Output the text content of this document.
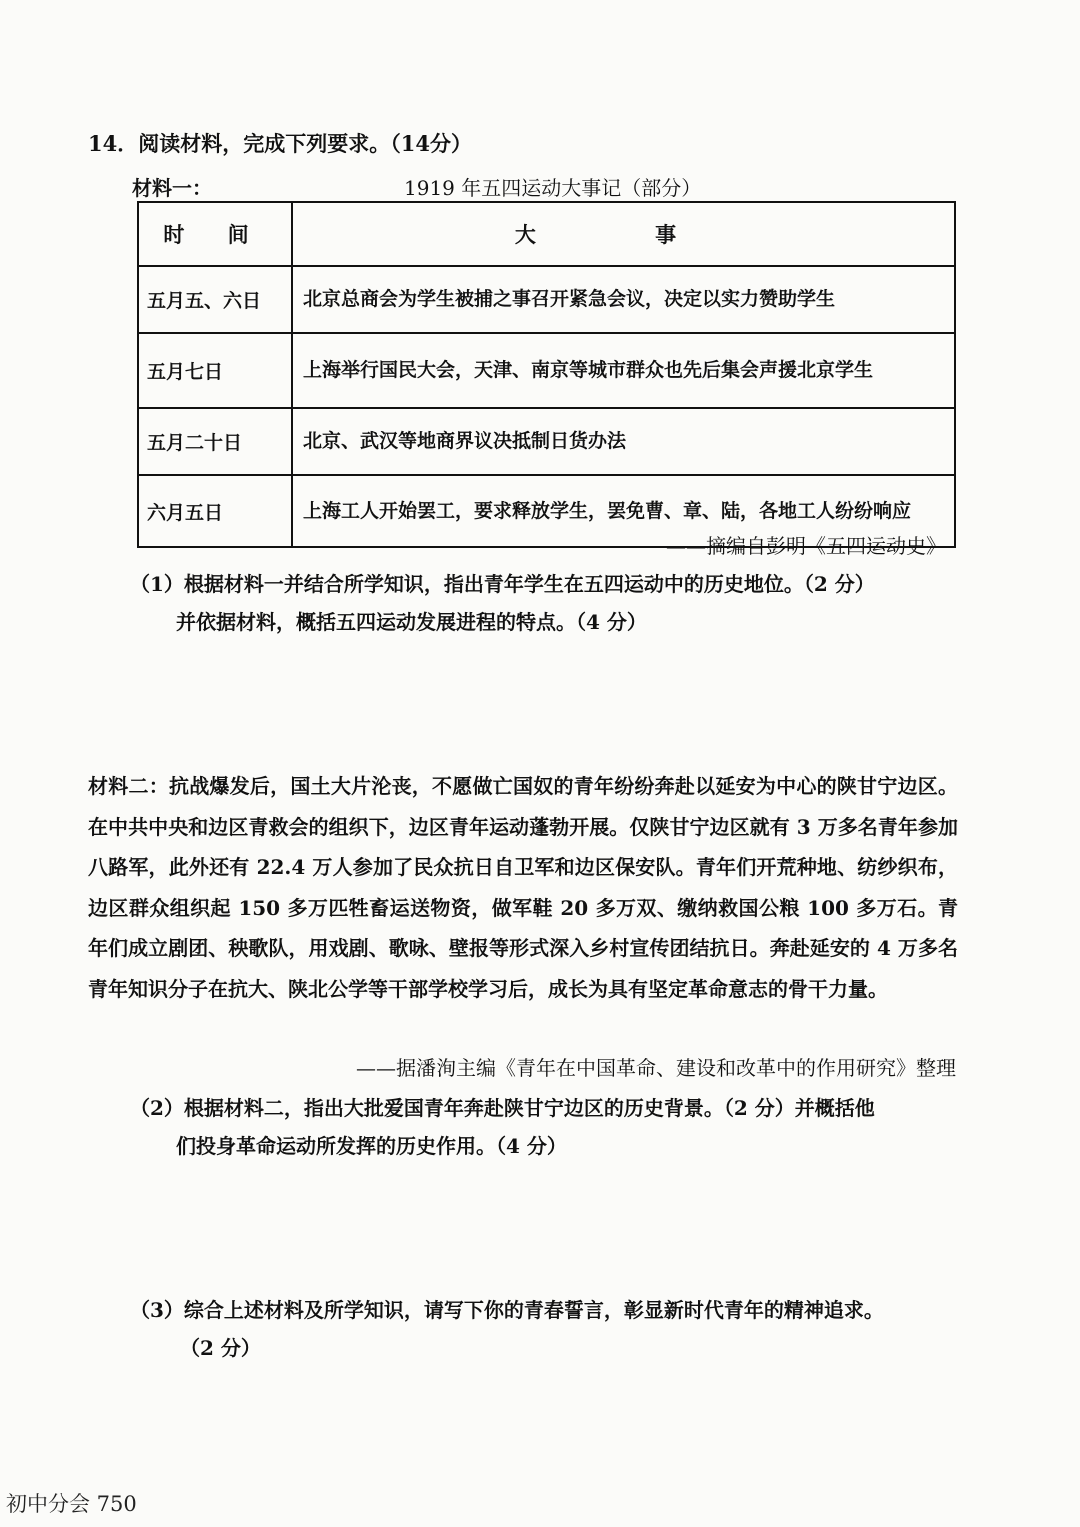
14．阅读材料，完成下列要求。（14分）
材料一：	1919 年五四运动大事记（部分）
时 间	大 事
五月五、六日	北京总商会为学生被捕之事召开紧急会议，决定以实力赞助学生
五月七日	上海举行国民大会，天津、南京等城市群众也先后集会声援北京学生
五月二十日	北京、武汉等地商界议决抵制日货办法
六月五日	上海工人开始罢工，要求释放学生，罢免曹、章、陆，各地工人纷纷响应
——摘编自彭明《五四运动史》
（1）根据材料一并结合所学知识，指出青年学生在五四运动中的历史地位。（2 分）
并依据材料，概括五四运动发展进程的特点。（4 分）
材料二：抗战爆发后，国土大片沦丧，不愿做亡国奴的青年纷纷奔赴以延安为中心的陕甘宁边区。在中共中央和边区青救会的组织下，边区青年运动蓬勃开展。仅陕甘宁边区就有 3 万多名青年参加八路军，此外还有 22.4 万人参加了民众抗日自卫军和边区保安队。青年们开荒种地、纺纱织布，边区群众组织起 150 多万匹牲畜运送物资，做军鞋 20 多万双、缴纳救国公粮 100 多万石。青年们成立剧团、秧歌队，用戏剧、歌咏、壁报等形式深入乡村宣传团结抗日。奔赴延安的 4 万多名青年知识分子在抗大、陕北公学等干部学校学习后，成长为具有坚定革命意志的骨干力量。
——据潘洵主编《青年在中国革命、建设和改革中的作用研究》整理
（2）根据材料二，指出大批爱国青年奔赴陕甘宁边区的历史背景。（2 分）并概括他
们投身革命运动所发挥的历史作用。（4 分）
（3）综合上述材料及所学知识，请写下你的青春誓言，彰显新时代青年的精神追求。
（2 分）
初中分会 750
